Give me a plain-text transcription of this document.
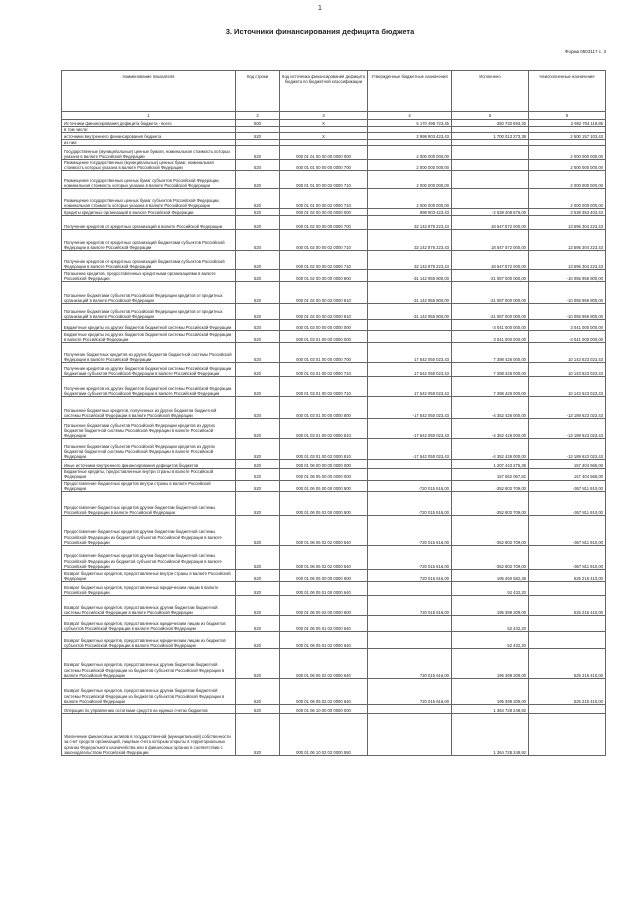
1
3. Источники финансирования дефицита бюджета
Форма 0503117 с. 3
Наименование показателя	Код строки	Код источника финансирования дефицита бюджета по бюджетной классификации	Утвержденные бюджетные назначения	Исполнено	Неисполненные назначения
1	2	3	4	5	6
Источники финансирования дефицита бюджета - всего	500	X	5 170 498 723,45	-350 733 693,30	2 692 704 119,85
в том числе:					
источники внутреннего финансирования бюджета	520	X	2 998 903 423,43	1 700 013 273,38	2 500 157 103,43
из них:					
Государственные (муниципальные) ценные бумаги, номинальная стоимость которых указана в валюте Российской Федерации	520	000 01 01 00 00 00 0000 000	2 000 000 000,00		2 000 000 000,00
Размещение государственных (муниципальных) ценных бумаг, номинальная стоимость которых указана в валюте Российской Федерации	520	000 01 01 00 00 00 0000 700	2 000 000 000,00		2 000 000 000,00
Размещение государственных ценных бумаг субъектов Российской Федерации, номинальная стоимость которых указана в валюте Российской Федерации	520	000 01 01 00 00 02 0000 710	2 000 000 000,00		2 000 000 000,00
Размещение государственных ценных бумаг субъектов Российской Федерации, номинальная стоимость которых указана в валюте Российской Федерации	520	000 01 01 00 00 02 0000 710	2 000 000 000,00		2 000 000 000,00
Кредиты кредитных организаций в валюте Российской Федерации	520	000 01 02 00 00 00 0000 000	998 903 423,43	-2 539 408 676,00	3 538 353 403,43
Получение кредитов от кредитных организаций в валюте Российской Федерации	520	000 01 02 00 00 00 0000 700	32 142 876 223,43	18 547 572 000,00	13 595 304 223,43
Получение кредитов от кредитных организаций бюджетами субъектов Российской Федерации в валюте Российской Федерации	520	000 01 02 00 00 02 0000 710	32 142 876 223,43	18 547 572 000,00	13 595 304 223,43
Получение кредитов от кредитных организаций бюджетами субъектов Российской Федерации в валюте Российской Федерации	520	000 01 02 00 00 02 0000 710	32 142 876 223,43	18 547 572 000,00	13 595 304 223,43
Погашение кредитов, предоставленных кредитными организациями в валюте Российской Федерации	520	000 01 02 00 00 00 0000 800	-31 142 955 800,00	-21 087 000 000,00	-10 055 956 800,00
Погашение бюджетами субъектов Российской Федерации кредитов от кредитных организаций в валюте Российской Федерации	520	000 01 02 00 00 02 0000 810	-31 142 955 800,00	-21 087 000 000,00	-10 055 956 800,00
Погашение бюджетами субъектов Российской Федерации кредитов от кредитных организаций в валюте Российской Федерации	520	000 01 02 00 00 02 0000 810	-31 142 955 800,00	-21 087 000 000,00	-10 055 956 800,00
Бюджетные кредиты из других бюджетов бюджетной системы Российской Федерации	520	000 01 03 00 00 00 0000 000		-3 041 000 000,00	3 041 000 000,00
Бюджетные кредиты из других бюджетов бюджетной системы Российской Федерации в валюте Российской Федерации	520	000 01 03 01 00 00 0000 000		3 041 000 000,00	-3 041 000 000,00
Получение бюджетных кредитов из других бюджетов бюджетной системы Российской Федерации в валюте Российской Федерации	520	000 01 03 01 00 00 0000 700	17 542 050 023,43	7 398 426 000,00	10 143 623 023,43
Получение кредитов из других бюджетов бюджетной системы Российской Федерации бюджетами субъектов Российской Федерации в валюте Российской Федерации	520	000 01 03 01 00 02 0000 710	17 542 050 023,43	7 398 426 000,00	10 143 623 023,43
Получение кредитов из других бюджетов бюджетной системы Российской Федерации бюджетами субъектов Российской Федерации в валюте Российской Федерации	520	000 01 03 01 00 02 0000 710	17 542 050 023,43	7 398 426 000,00	10 143 623 023,43
Погашение бюджетных кредитов, полученных из других бюджетов бюджетной системы Российской Федерации в валюте Российской Федерации	520	000 01 03 01 00 00 0000 800	-17 542 050 023,43	-4 352 426 000,00	-13 189 623 023,43
Погашение бюджетами субъектов Российской Федерации кредитов из других бюджетов бюджетной системы Российской Федерации в валюте Российской Федерации	520	000 01 03 01 00 02 0000 810	-17 542 050 023,43	-4 352 426 000,00	-13 189 623 023,43
Погашение бюджетами субъектов Российской Федерации кредитов из других бюджетов бюджетной системы Российской Федерации в валюте Российской Федерации	520	000 01 03 01 00 02 0000 810	-17 542 050 023,43	-4 352 426 000,00	-13 189 623 023,43
Иные источники внутреннего финансирования дефицитов бюджетов	520	000 01 06 00 00 00 0000 000		1 207 443 275,36	157 404 566,00
Бюджетные кредиты, предоставленные внутри страны в валюте Российской Федерации	520	000 01 06 05 00 00 0000 000		157 562 067,82	157 404 566,00
Предоставление бюджетных кредитов внутри страны в валюте Российской Федерации	520	000 01 06 05 00 00 0000 500	-720 015 616,00	-352 803 709,00	-367 811 910,00
Предоставление бюджетных кредитов другим бюджетам бюджетной системы Российской Федерации в валюте Российской Федерации	520	000 01 06 05 02 00 0000 500	-720 015 616,00	-352 803 709,00	-367 811 910,00
Предоставление бюджетных кредитов другим бюджетам бюджетной системы Российской Федерации из бюджетов субъектов Российской Федерации в валюте Российской Федерации	520	000 01 06 05 02 02 0000 540	-720 015 616,00	-352 803 709,00	-367 811 910,00
Предоставление бюджетных кредитов другим бюджетам бюджетной системы Российской Федерации из бюджетов субъектов Российской Федерации в валюте Российской Федерации	520	000 01 06 05 02 02 0000 540	-720 015 616,00	-352 803 709,00	-367 811 910,00
Возврат бюджетных кредитов, предоставленных внутри страны в валюте Российской Федерации	520	000 01 06 05 00 00 0000 600	720 015 616,00	195 450 582,36	525 216 410,00
Возврат бюджетных кредитов, предоставленных юридическим лицам в валюте Российской Федерации	520	000 01 06 05 01 00 0000 640		52 432,20	
Возврат бюджетных кредитов, предоставленных другим бюджетам бюджетной системы Российской Федерации в валюте Российской Федерации	520	000 01 06 05 02 00 0000 600	720 015 616,00	195 399 209,00	525 216 410,00
Возврат бюджетных кредитов, предоставленных юридическим лицам из бюджетов субъектов Российской Федерации в валюте Российской Федерации	520	000 01 06 05 01 02 0000 640		52 432,20	
Возврат бюджетных кредитов, предоставленных юридическим лицам из бюджетов субъектов Российской Федерации в валюте Российской Федерации	520	000 01 06 05 01 02 0000 640		52 432,20	
Возврат бюджетных кредитов, предоставленных другим бюджетам бюджетной системы Российской Федерации из бюджетов субъектов Российской Федерации в валюте Российской Федерации	520	000 01 06 05 02 02 0000 640	720 015 616,00	195 399 209,00	525 216 410,00
Возврат бюджетных кредитов, предоставленных другим бюджетам бюджетной системы Российской Федерации из бюджетов субъектов Российской Федерации в валюте Российской Федерации	520	000 01 06 05 02 02 0000 640	720 015 616,00	195 399 209,00	525 216 410,00
Операции по управлению остатками средств на единых счетах бюджетов	520	000 01 06 10 00 00 0000 000		1 364 728 248,92	
Увеличение финансовых активов в государственной (муниципальной) собственности за счет средств организаций, лицевые счета которым открыты в территориальных органах Федерального казначейства или в финансовых органах в соответствии с законодательством Российской Федерации	520	000 01 06 10 02 02 0000 550		1 364 728 248,92	
